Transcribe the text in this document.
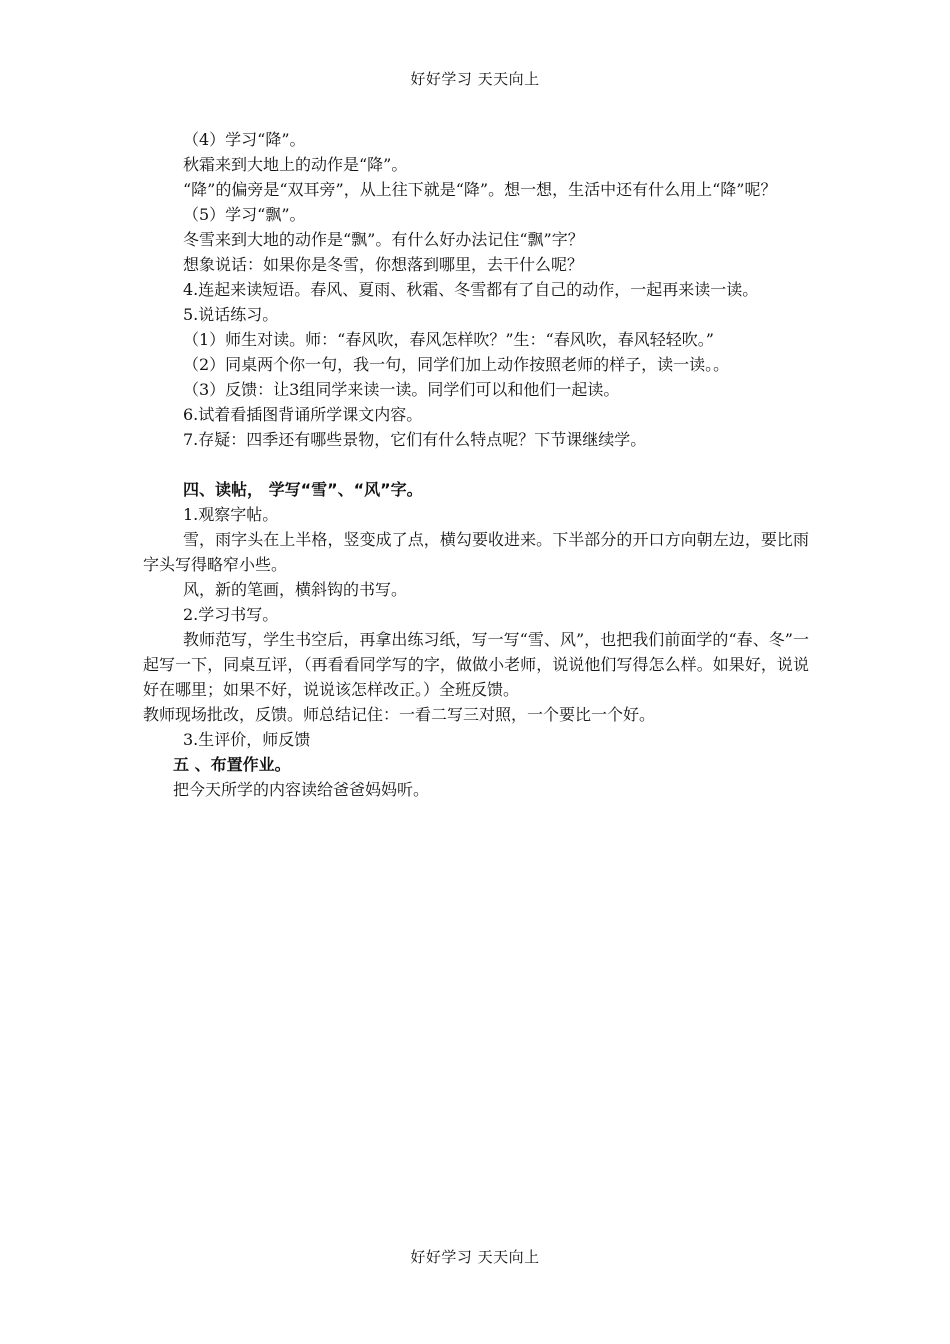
好好学习 天天向上

（4）学习“降”。

秋霜来到大地上的动作是“降”。

“降”的偏旁是“双耳旁”，从上往下就是“降”。想一想，生活中还有什么用上“降”呢？

（5）学习“飘”。

冬雪来到大地的动作是“飘”。有什么好办法记住“飘”字？

想象说话：如果你是冬雪，你想落到哪里，去干什么呢？

4.连起来读短语。春风、夏雨、秋霜、冬雪都有了自己的动作，一起再来读一读。

5.说话练习。

（1）师生对读。师：“春风吹，春风怎样吹？”生：“春风吹，春风轻轻吹。”

（2）同桌两个你一句，我一句，同学们加上动作按照老师的样子，读一读。。

（3）反馈：让3组同学来读一读。同学们可以和他们一起读。

6.试着看插图背诵所学课文内容。

7.存疑：四季还有哪些景物，它们有什么特点呢？下节课继续学。

四、读帖， 学写“雪”、“风”字。

1.观察字帖。

雪，雨字头在上半格，竖变成了点，横勾要收进来。下半部分的开口方向朝左边，要比雨字头写得略窄小些。

风，新的笔画，横斜钩的书写。

2.学习书写。

教师范写，学生书空后，再拿出练习纸，写一写“雪、风”，也把我们前面学的“春、冬”一起写一下，同桌互评，（再看看同学写的字，做做小老师，说说他们写得怎么样。如果好，说说好在哪里；如果不好，说说该怎样改正。）全班反馈。

教师现场批改，反馈。师总结记住：一看二写三对照，一个要比一个好。

3.生评价，师反馈

五 、布置作业。

把今天所学的内容读给爸爸妈妈听。

好好学习 天天向上
